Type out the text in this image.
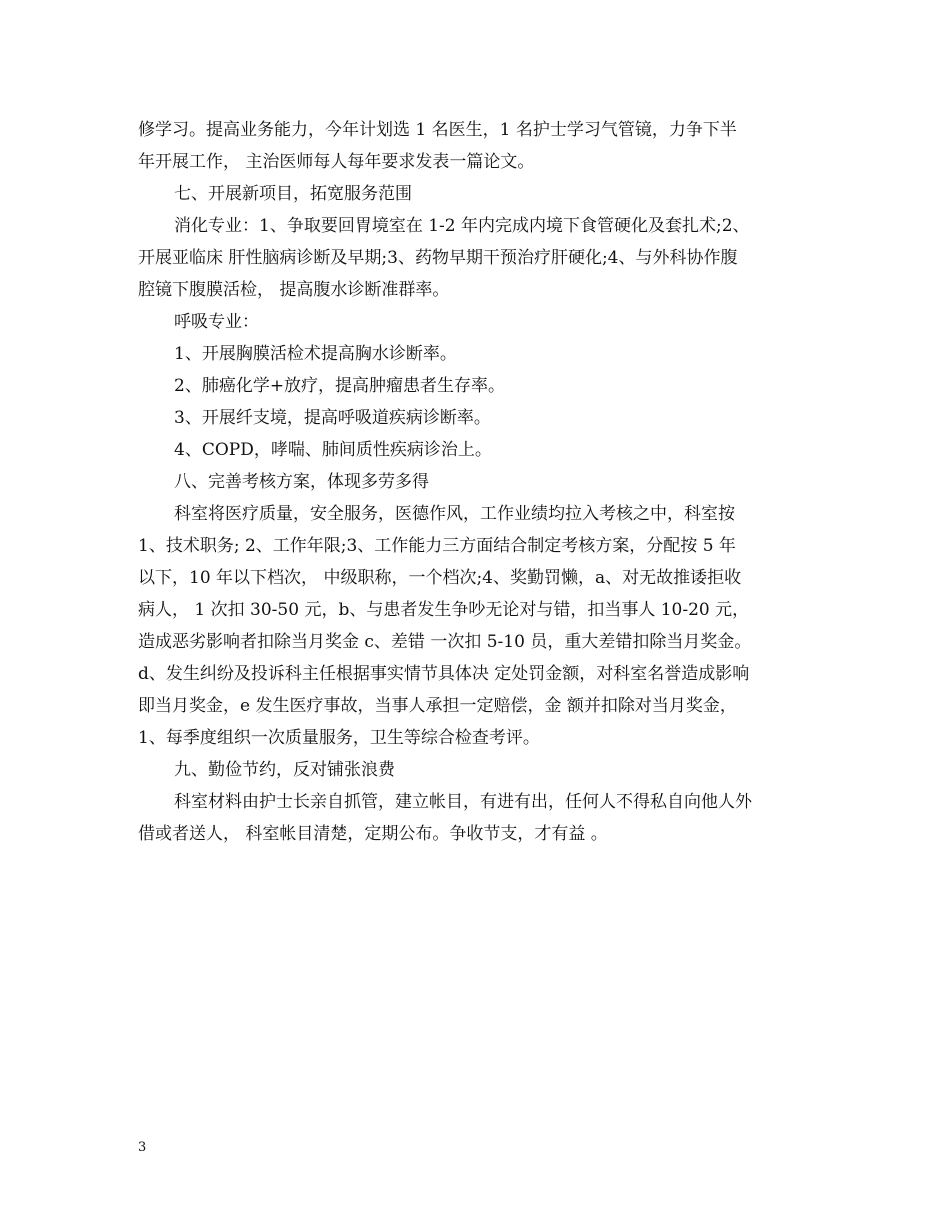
修学习。提高业务能力，今年计划选 1 名医生，1 名护士学习气管镜，力争下半
年开展工作， 主治医师每人每年要求发表一篇论文。
七、开展新项目，拓宽服务范围
消化专业：1、争取要回胃境室在 1-2 年内完成内境下食管硬化及套扎术;2、
开展亚临床 肝性脑病诊断及早期;3、药物早期干预治疗肝硬化;4、与外科协作腹
腔镜下腹膜活检， 提高腹水诊断准群率。
呼吸专业：
1、开展胸膜活检术提高胸水诊断率。
2、肺癌化学+放疗，提高肿瘤患者生存率。
3、开展纤支境，提高呼吸道疾病诊断率。
4、COPD，哮喘、肺间质性疾病诊治上。
八、完善考核方案，体现多劳多得
科室将医疗质量，安全服务，医德作风，工作业绩均拉入考核之中，科室按
1、技术职务; 2、工作年限;3、工作能力三方面结合制定考核方案，分配按 5 年
以下，10 年以下档次， 中级职称，一个档次;4、奖勤罚懒，a、对无故推诿拒收
病人， 1 次扣 30-50 元，b、与患者发生争吵无论对与错，扣当事人 10-20 元，
造成恶劣影响者扣除当月奖金 c、差错 一次扣 5-10 员，重大差错扣除当月奖金。
d、发生纠纷及投诉科主任根据事实情节具体决 定处罚金额，对科室名誉造成影响
即当月奖金，e 发生医疗事故，当事人承担一定赔偿，金 额并扣除对当月奖金，
1、每季度组织一次质量服务，卫生等综合检查考评。
九、勤俭节约，反对铺张浪费
科室材料由护士长亲自抓管，建立帐目，有进有出，任何人不得私自向他人外
借或者送人， 科室帐目清楚，定期公布。争收节支，才有益 。
3
